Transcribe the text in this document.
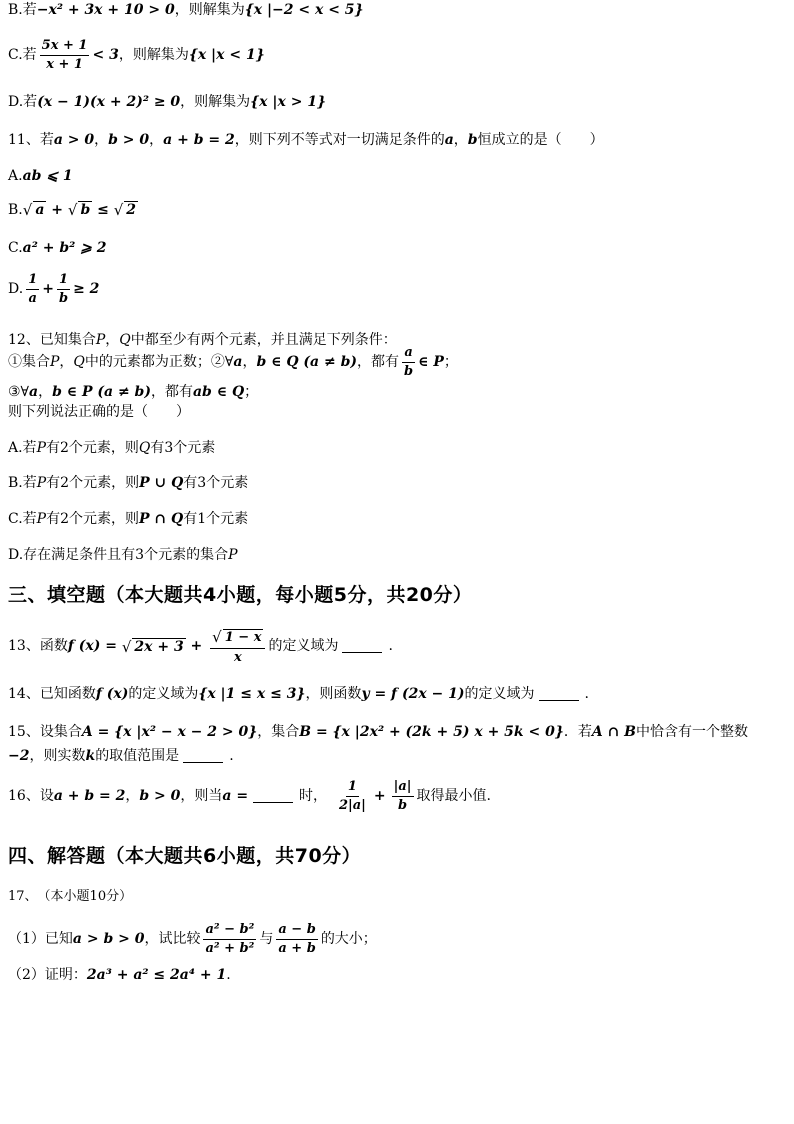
B.若 −x² + 3x + 10 > 0 ，则解集为 {x |−2 < x < 5}
C.若 $\frac{5x + 1}{x + 1} < 3$ ，则解集为 {x |x < 1}
D.若 (x − 1)(x + 2)² ≥ 0 ，则解集为 {x |x > 1}
11、若 a > 0 ， b > 0 ， a + b = 2 ，则下列不等式对一切满足条件的 a ， b 恒成立的是（　　）
A. ab ⩽ 1
B. √ a + √ b ≤ √ 2
C. a² + b² ⩾ 2
D. $\frac{1}{a} + \frac{1}{b} \ge 2$
12、已知集合 P ， Q 中都至少有两个元素，并且满足下列条件：
①集合 P ， Q 中的元素都为正数；②∀ a ， b ∈ Q (a ≠ b) ，都有 $\frac{a}{b}$ ∈ P ；
③∀ a ， b ∈ P (a ≠ b) ，都有 ab ∈ Q ；
则下列说法正确的是（　　）
A.若 P 有2个元素，则 Q 有3个元素
B.若 P 有2个元素，则 P ∪ Q 有3个元素
C.若 P 有2个元素，则 P ∩ Q 有1个元素
D.存在满足条件且有3个元素的集合 P
三、填空题（本大题共4小题，每小题5分，共20分）
13、函数 f (x) = √ $2x + 3 + \frac{√ 1 - x}{x}$ 的定义域为	.
14、已知函数 f (x) 的定义域为 {x |1 ≤ x ≤ 3} ，则函数 y = f (2x − 1) 的定义域为	.
15、设集合 A = {x |x² − x − 2 > 0} ，集合 B = {x |2x² + (2k + 5) x + 5k < 0} ．若 A ∩ B 中恰含有一个整数
−2 ，则实数 k 的取值范围是	.
16、设 a + b = 2 ， b > 0 ，则当 a =	时， $\frac{1}{2|a|} + \frac{|a|}{b}$ 取得最小值.
四、解答题（本大题共6小题，共70分）
17、 （本小题10分）
（1）已知 a > b > 0 ，试比较 $\frac{\text{a² − b²}}{\text{a² + b²}}$ 与 $\frac{a - b}{a + b}$ 的大小；
（2）证明： 2a³ + a² ≤ 2a⁴ + 1 .
